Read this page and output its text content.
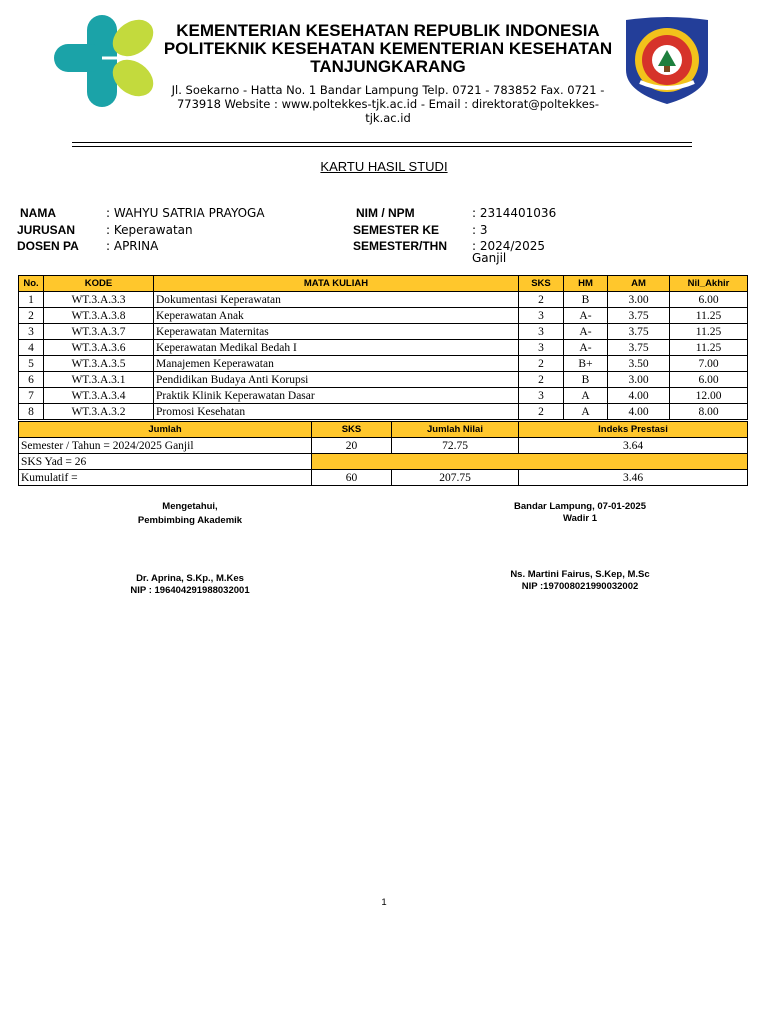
KEMENTERIAN KESEHATAN REPUBLIK INDONESIA
POLITEKNIK KESEHATAN KEMENTERIAN KESEHATAN
TANJUNGKARANG
Jl. Soekarno - Hatta No. 1 Bandar Lampung Telp. 0721 - 783852 Fax. 0721 -
773918 Website : www.poltekkes-tjk.ac.id - Email : direktorat@poltekkes-
tjk.ac.id
KARTU HASIL STUDI
NAMA	: WAHYU SATRIA PRAYOGA
JURUSAN	: Keperawatan
DOSEN PA : APRINA
NIM / NPM	: 2314401036
SEMESTER KE	: 3
SEMESTER/THN : 2024/2025
Ganjil
No.	KODE	MATA KULIAH	SKS	HM	AM	Nil_Akhir
1	WT.3.A.3.3	Dokumentasi Keperawatan	2	B	3.00	6.00
2	WT.3.A.3.8	Keperawatan Anak	3	A-	3.75	11.25
3	WT.3.A.3.7	Keperawatan Maternitas	3	A-	3.75	11.25
4	WT.3.A.3.6	Keperawatan Medikal Bedah I	3	A-	3.75	11.25
5	WT.3.A.3.5	Manajemen Keperawatan	2	B+	3.50	7.00
6	WT.3.A.3.1	Pendidikan Budaya Anti Korupsi	2	B	3.00	6.00
7	WT.3.A.3.4	Praktik Klinik Keperawatan Dasar	3	A	4.00	12.00
8	WT.3.A.3.2	Promosi Kesehatan	2	A	4.00	8.00
Jumlah	SKS	Jumlah Nilai	Indeks Prestasi
Semester / Tahun = 2024/2025 Ganjil	20	72.75	3.64
SKS Yad = 26			
Kumulatif =	60	207.75	3.46
Mengetahui,
Pembimbing Akademik
Dr. Aprina, S.Kp., M.Kes
NIP : 196404291988032001
Bandar Lampung, 07-01-2025
Wadir 1
Ns. Martini Fairus, S.Kep, M.Sc
NIP :197008021990032002
1
